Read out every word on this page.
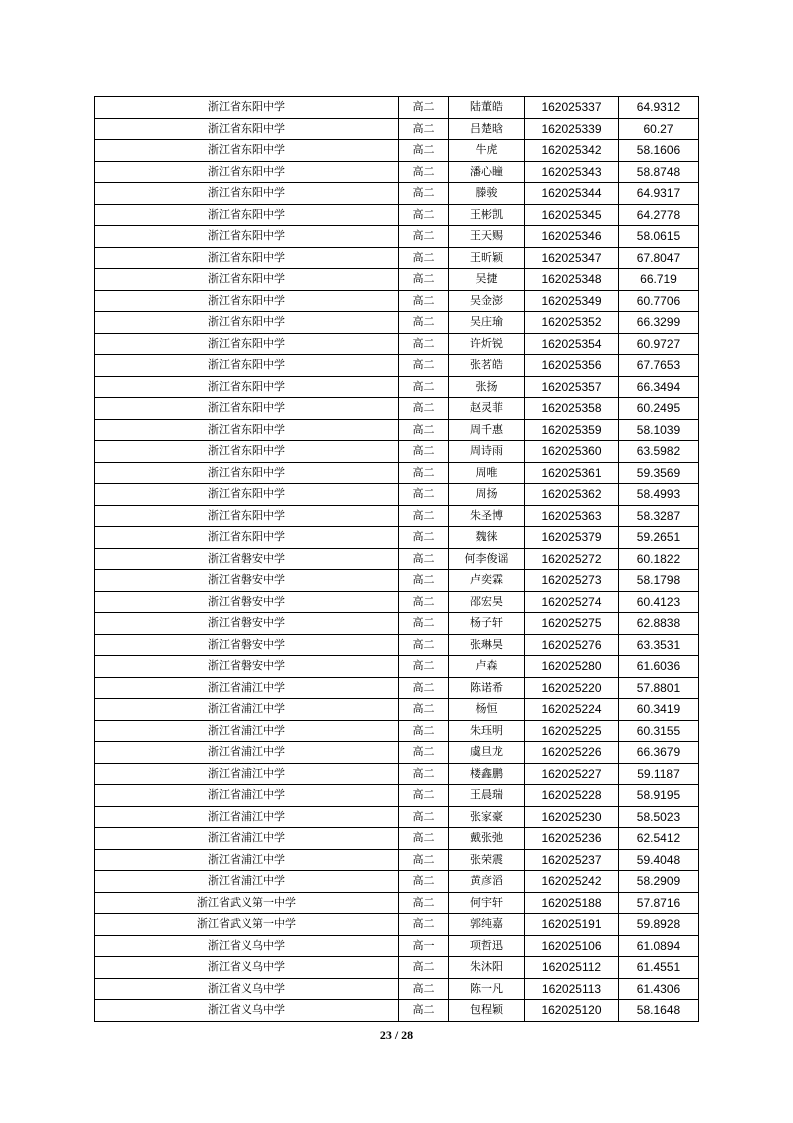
浙江省东阳中学	高二	陆董皓	162025337	64.9312
浙江省东阳中学	高二	吕楚晗	162025339	60.27
浙江省东阳中学	高二	牛虎	162025342	58.1606
浙江省东阳中学	高二	潘心瞳	162025343	58.8748
浙江省东阳中学	高二	滕骏	162025344	64.9317
浙江省东阳中学	高二	王彬凯	162025345	64.2778
浙江省东阳中学	高二	王天赐	162025346	58.0615
浙江省东阳中学	高二	王昕颖	162025347	67.8047
浙江省东阳中学	高二	吴捷	162025348	66.719
浙江省东阳中学	高二	吴金澎	162025349	60.7706
浙江省东阳中学	高二	吴庄瑜	162025352	66.3299
浙江省东阳中学	高二	许炘锐	162025354	60.9727
浙江省东阳中学	高二	张茗皓	162025356	67.7653
浙江省东阳中学	高二	张扬	162025357	66.3494
浙江省东阳中学	高二	赵灵菲	162025358	60.2495
浙江省东阳中学	高二	周千惠	162025359	58.1039
浙江省东阳中学	高二	周诗雨	162025360	63.5982
浙江省东阳中学	高二	周唯	162025361	59.3569
浙江省东阳中学	高二	周扬	162025362	58.4993
浙江省东阳中学	高二	朱圣博	162025363	58.3287
浙江省东阳中学	高二	魏徕	162025379	59.2651
浙江省磐安中学	高二	何李俊谣	162025272	60.1822
浙江省磐安中学	高二	卢奕霖	162025273	58.1798
浙江省磐安中学	高二	邵宏昊	162025274	60.4123
浙江省磐安中学	高二	杨子轩	162025275	62.8838
浙江省磐安中学	高二	张琳昊	162025276	63.3531
浙江省磐安中学	高二	卢森	162025280	61.6036
浙江省浦江中学	高二	陈诺希	162025220	57.8801
浙江省浦江中学	高二	杨恒	162025224	60.3419
浙江省浦江中学	高二	朱珏明	162025225	60.3155
浙江省浦江中学	高二	虞旦龙	162025226	66.3679
浙江省浦江中学	高二	楼鑫鹏	162025227	59.1187
浙江省浦江中学	高二	王晨瑞	162025228	58.9195
浙江省浦江中学	高二	张家豪	162025230	58.5023
浙江省浦江中学	高二	戴张弛	162025236	62.5412
浙江省浦江中学	高二	张荣震	162025237	59.4048
浙江省浦江中学	高二	黄彦滔	162025242	58.2909
浙江省武义第一中学	高二	何宇轩	162025188	57.8716
浙江省武义第一中学	高二	郭纯嘉	162025191	59.8928
浙江省义乌中学	高一	项哲迅	162025106	61.0894
浙江省义乌中学	高二	朱沐阳	162025112	61.4551
浙江省义乌中学	高二	陈一凡	162025113	61.4306
浙江省义乌中学	高二	包程颖	162025120	58.1648
23 / 28
